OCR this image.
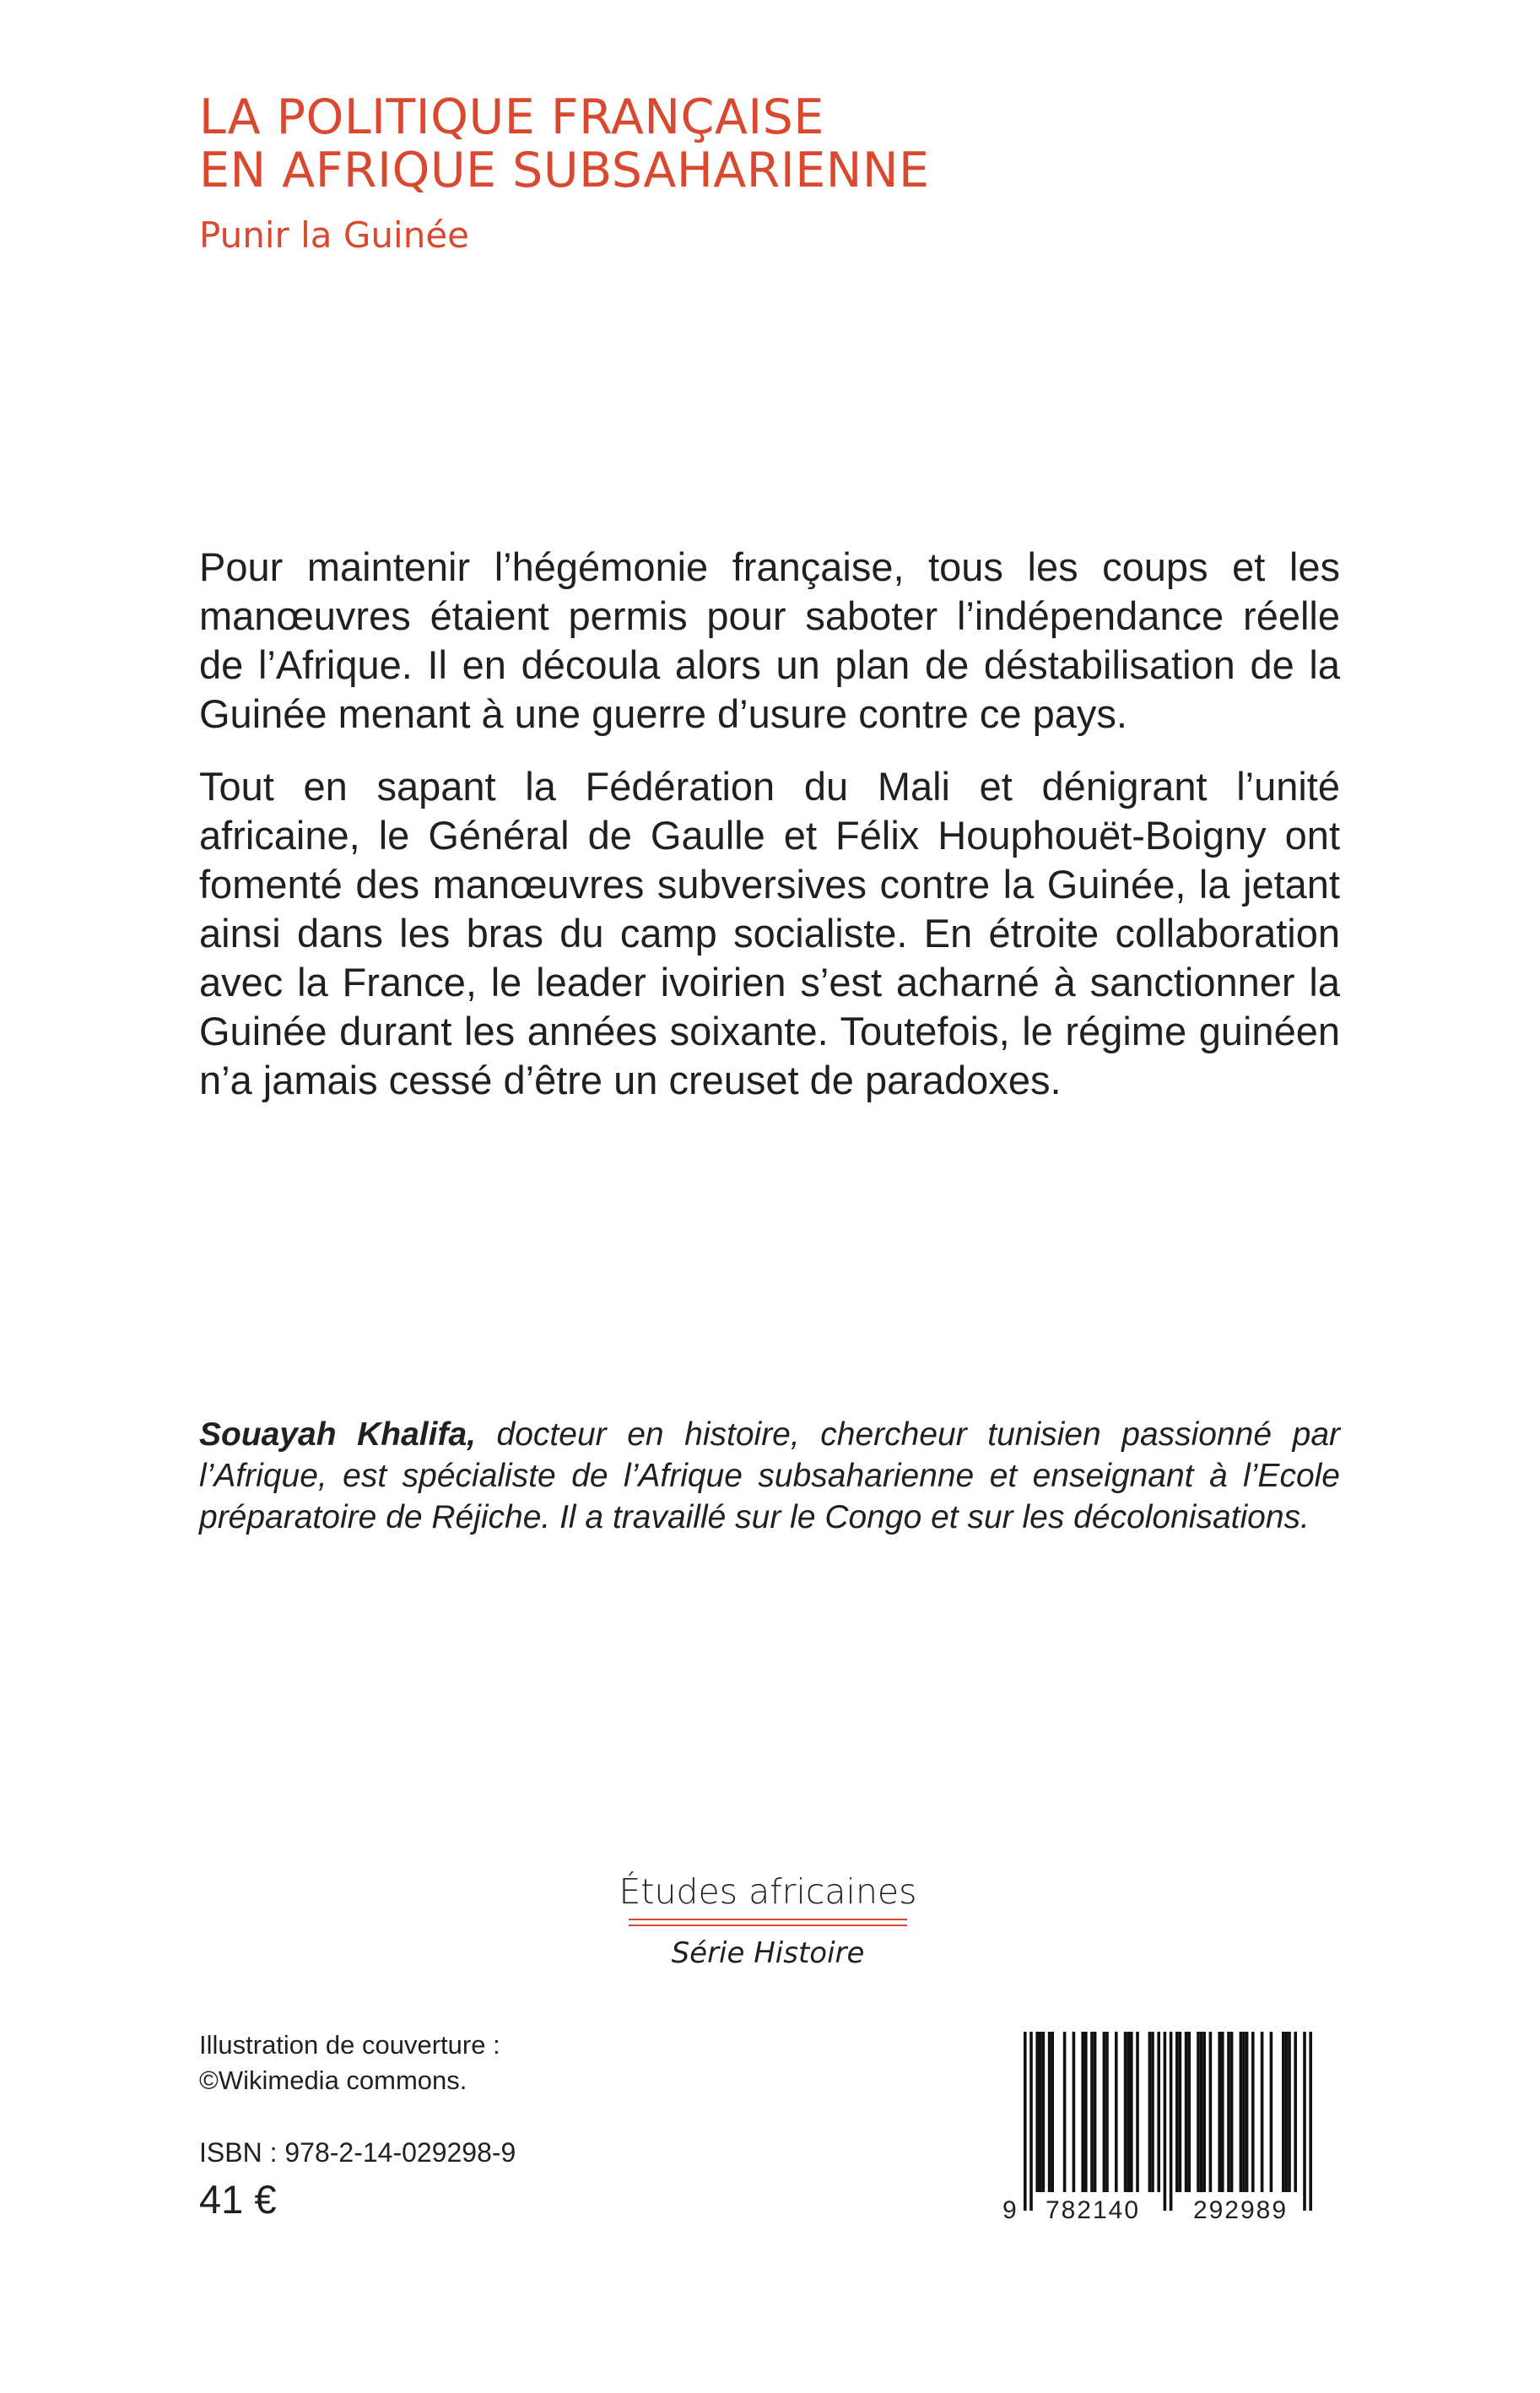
LA POLITIQUE FRANÇAISE
EN AFRIQUE SUBSAHARIENNE
Punir la Guinée

Pour maintenir l’hégémonie française, tous les coups et les manœuvres étaient permis pour saboter l’indépendance réelle de l’Afrique. Il en découla alors un plan de déstabilisation de la Guinée menant à une guerre d’usure contre ce pays.

Tout en sapant la Fédération du Mali et dénigrant l’unité africaine, le Général de Gaulle et Félix Houphouët-Boigny ont fomenté des manœuvres subversives contre la Guinée, la jetant ainsi dans les bras du camp socialiste. En étroite collaboration avec la France, le leader ivoirien s’est acharné à sanctionner la Guinée durant les années soixante. Toutefois, le régime guinéen n’a jamais cessé d’être un creuset de paradoxes.

Souayah Khalifa, docteur en histoire, chercheur tunisien passionné par l’Afrique, est spécialiste de l’Afrique subsaharienne et enseignant à l’Ecole préparatoire de Réjiche. Il a travaillé sur le Congo et sur les décolonisations.
Études africaines
Série Histoire
Illustration de couverture :
©Wikimedia commons.
ISBN : 978-2-14-029298-9
41 €	9 782140 292989
